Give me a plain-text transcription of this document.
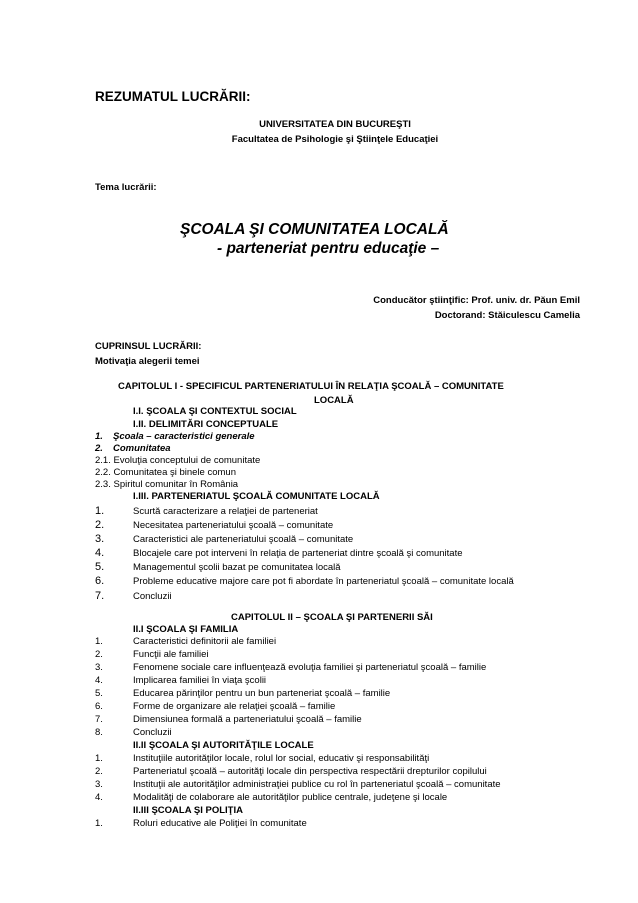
REZUMATUL LUCRĂRII:
UNIVERSITATEA DIN BUCUREŞTI
Facultatea de Psihologie şi Ştiinţele Educaţiei
Tema lucrării:
ŞCOALA ŞI COMUNITATEA LOCALĂ
- parteneriat pentru educaţie –
Conducător ştiinţific: Prof. univ. dr. Păun Emil
Doctorand: Stăiculescu Camelia
CUPRINSUL LUCRĂRII:
Motivaţia alegerii temei
CAPITOLUL I - SPECIFICUL PARTENERIATULUI ÎN RELAŢIA ŞCOALĂ – COMUNITATE
LOCALĂ
I.I. ŞCOALA ŞI CONTEXTUL SOCIAL
I.II. DELIMITĂRI CONCEPTUALE
1. Şcoala – caracteristici generale
2. Comunitatea
2.1. Evoluţia conceptului de comunitate
2.2. Comunitatea şi binele comun
2.3. Spiritul comunitar în România
I.III. PARTENERIATUL ŞCOALĂ COMUNITATE LOCALĂ
1.	Scurtă caracterizare a relaţiei de parteneriat
2.	Necesitatea parteneriatului şcoală – comunitate
3.	Caracteristici ale parteneriatului şcoală – comunitate
4.	Blocajele care pot interveni în relaţia de parteneriat dintre şcoală şi comunitate
5.	Managementul şcolii bazat pe comunitatea locală
6.	Probleme educative majore care pot fi abordate în parteneriatul şcoală – comunitate locală
7.	Concluzii
CAPITOLUL II – ŞCOALA ŞI PARTENERII SĂI
II.I ŞCOALA ŞI FAMILIA
1.	Caracteristici definitorii ale familiei
2.	Funcţii ale familiei
3.	Fenomene sociale care influenţează evoluţia familiei şi parteneriatul şcoală – familie
4.	Implicarea familiei în viaţa şcolii
5.	Educarea părinţilor pentru un bun parteneriat şcoală – familie
6.	Forme de organizare ale relaţiei şcoală – familie
7.	Dimensiunea formală a parteneriatului şcoală – familie
8.	Concluzii
II.II ŞCOALA ŞI AUTORITĂŢILE LOCALE
1.	Instituţiile autorităţilor locale, rolul lor social, educativ şi responsabilităţi
2.	Parteneriatul şcoală – autorităţi locale din perspectiva respectării drepturilor copilului
3.	Instituţii ale autorităţilor administraţiei publice cu rol în parteneriatul şcoală – comunitate
4.	Modalităţi de colaborare ale autorităţilor publice centrale, judeţene şi locale
II.III ŞCOALA ŞI POLIŢIA
1.	Roluri educative ale Poliţiei în comunitate
